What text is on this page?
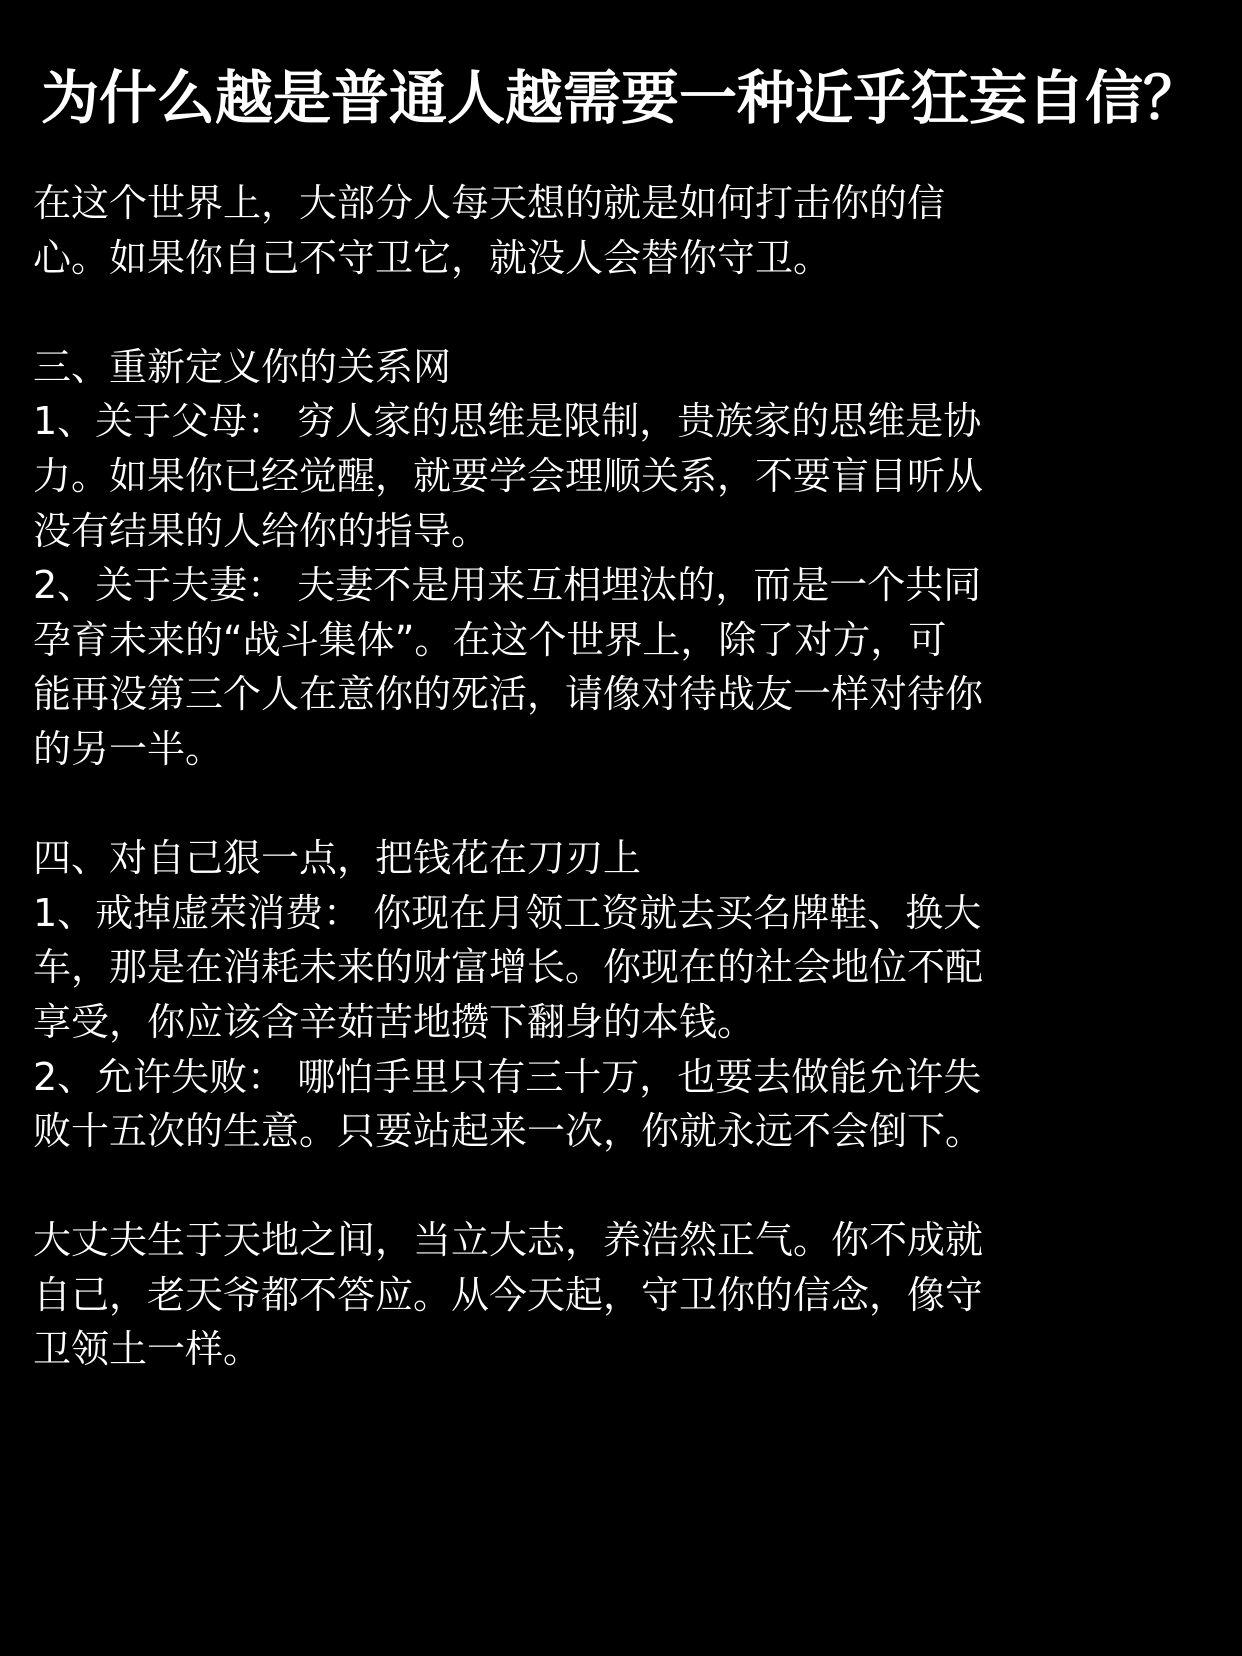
为什么越是普通人越需要一种近乎狂妄自信？
在这个世界上，大部分人每天想的就是如何打击你的信
心。如果你自己不守卫它，就没人会替你守卫。
三、重新定义你的关系网
1、关于父母： 穷人家的思维是限制，贵族家的思维是协
力。如果你已经觉醒，就要学会理顺关系，不要盲目听从
没有结果的人给你的指导。
2、关于夫妻： 夫妻不是用来互相埋汰的，而是一个共同
孕育未来的“战斗集体”。在这个世界上，除了对方，可
能再没第三个人在意你的死活，请像对待战友一样对待你
的另一半。
四、对自己狠一点，把钱花在刀刃上
1、戒掉虚荣消费： 你现在月领工资就去买名牌鞋、换大
车，那是在消耗未来的财富增长。你现在的社会地位不配
享受，你应该含辛茹苦地攒下翻身的本钱。
2、允许失败： 哪怕手里只有三十万，也要去做能允许失
败十五次的生意。只要站起来一次，你就永远不会倒下。
大丈夫生于天地之间，当立大志，养浩然正气。你不成就
自己，老天爷都不答应。从今天起，守卫你的信念，像守
卫领土一样。
